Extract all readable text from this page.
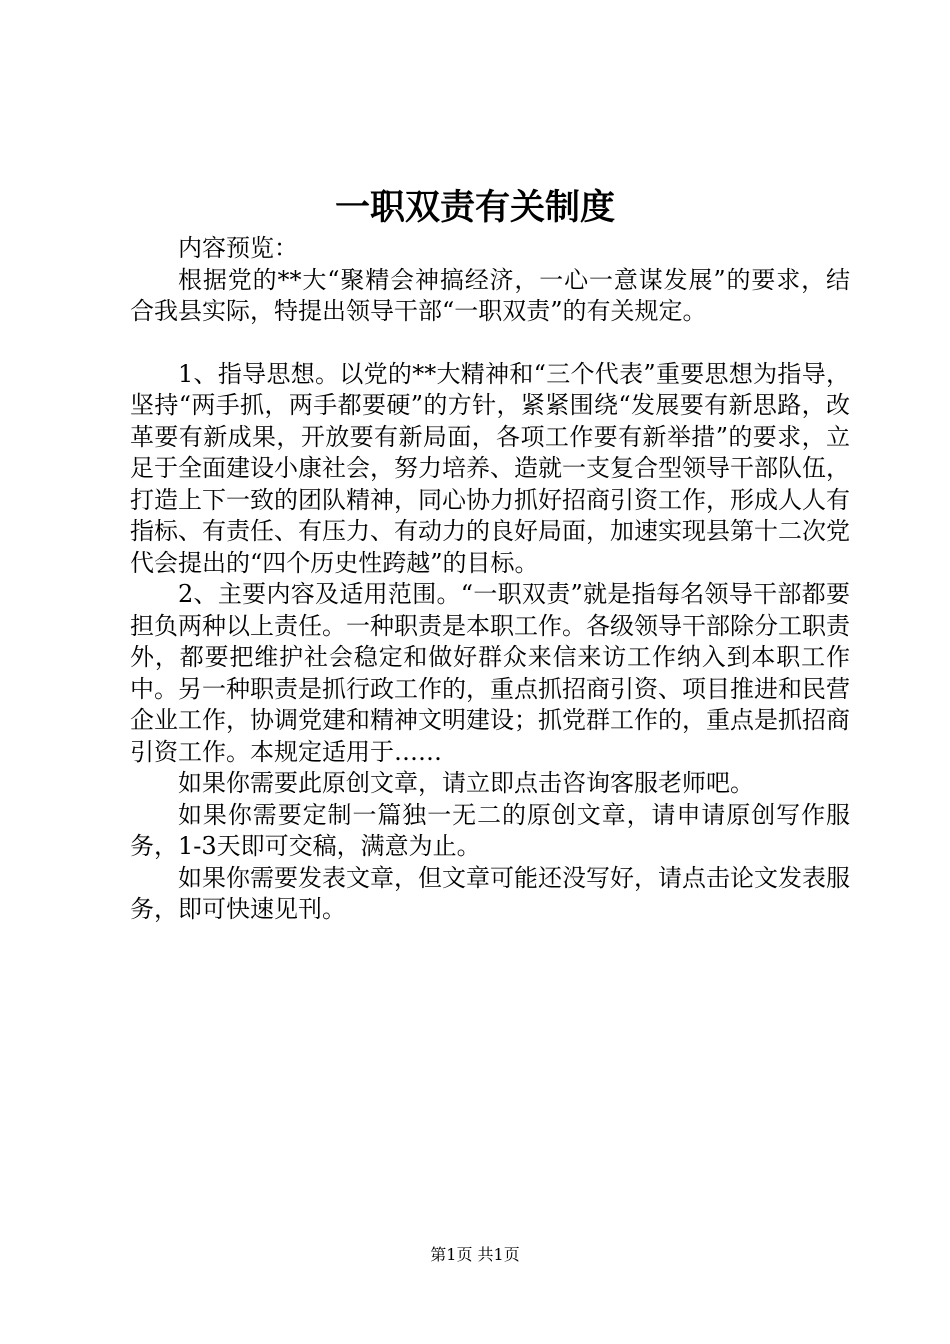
一职双责有关制度

内容预览：

根据党的**大“聚精会神搞经济，一心一意谋发展”的要求，结合我县实际，特提出领导干部“一职双责”的有关规定。

1、指导思想。以党的**大精神和“三个代表”重要思想为指导，坚持“两手抓，两手都要硬”的方针，紧紧围绕“发展要有新思路，改革要有新成果，开放要有新局面，各项工作要有新举措”的要求，立足于全面建设小康社会，努力培养、造就一支复合型领导干部队伍，打造上下一致的团队精神，同心协力抓好招商引资工作，形成人人有指标、有责任、有压力、有动力的良好局面，加速实现县第十二次党代会提出的“四个历史性跨越”的目标。

2、主要内容及适用范围。“一职双责”就是指每名领导干部都要担负两种以上责任。一种职责是本职工作。各级领导干部除分工职责外，都要把维护社会稳定和做好群众来信来访工作纳入到本职工作中。另一种职责是抓行政工作的，重点抓招商引资、项目推进和民营企业工作，协调党建和精神文明建设；抓党群工作的，重点是抓招商引资工作。本规定适用于……

如果你需要此原创文章，请立即点击咨询客服老师吧。

如果你需要定制一篇独一无二的原创文章，请申请原创写作服务，1-3天即可交稿，满意为止。

如果你需要发表文章，但文章可能还没写好，请点击论文发表服务，即可快速见刊。

第1页 共1页
